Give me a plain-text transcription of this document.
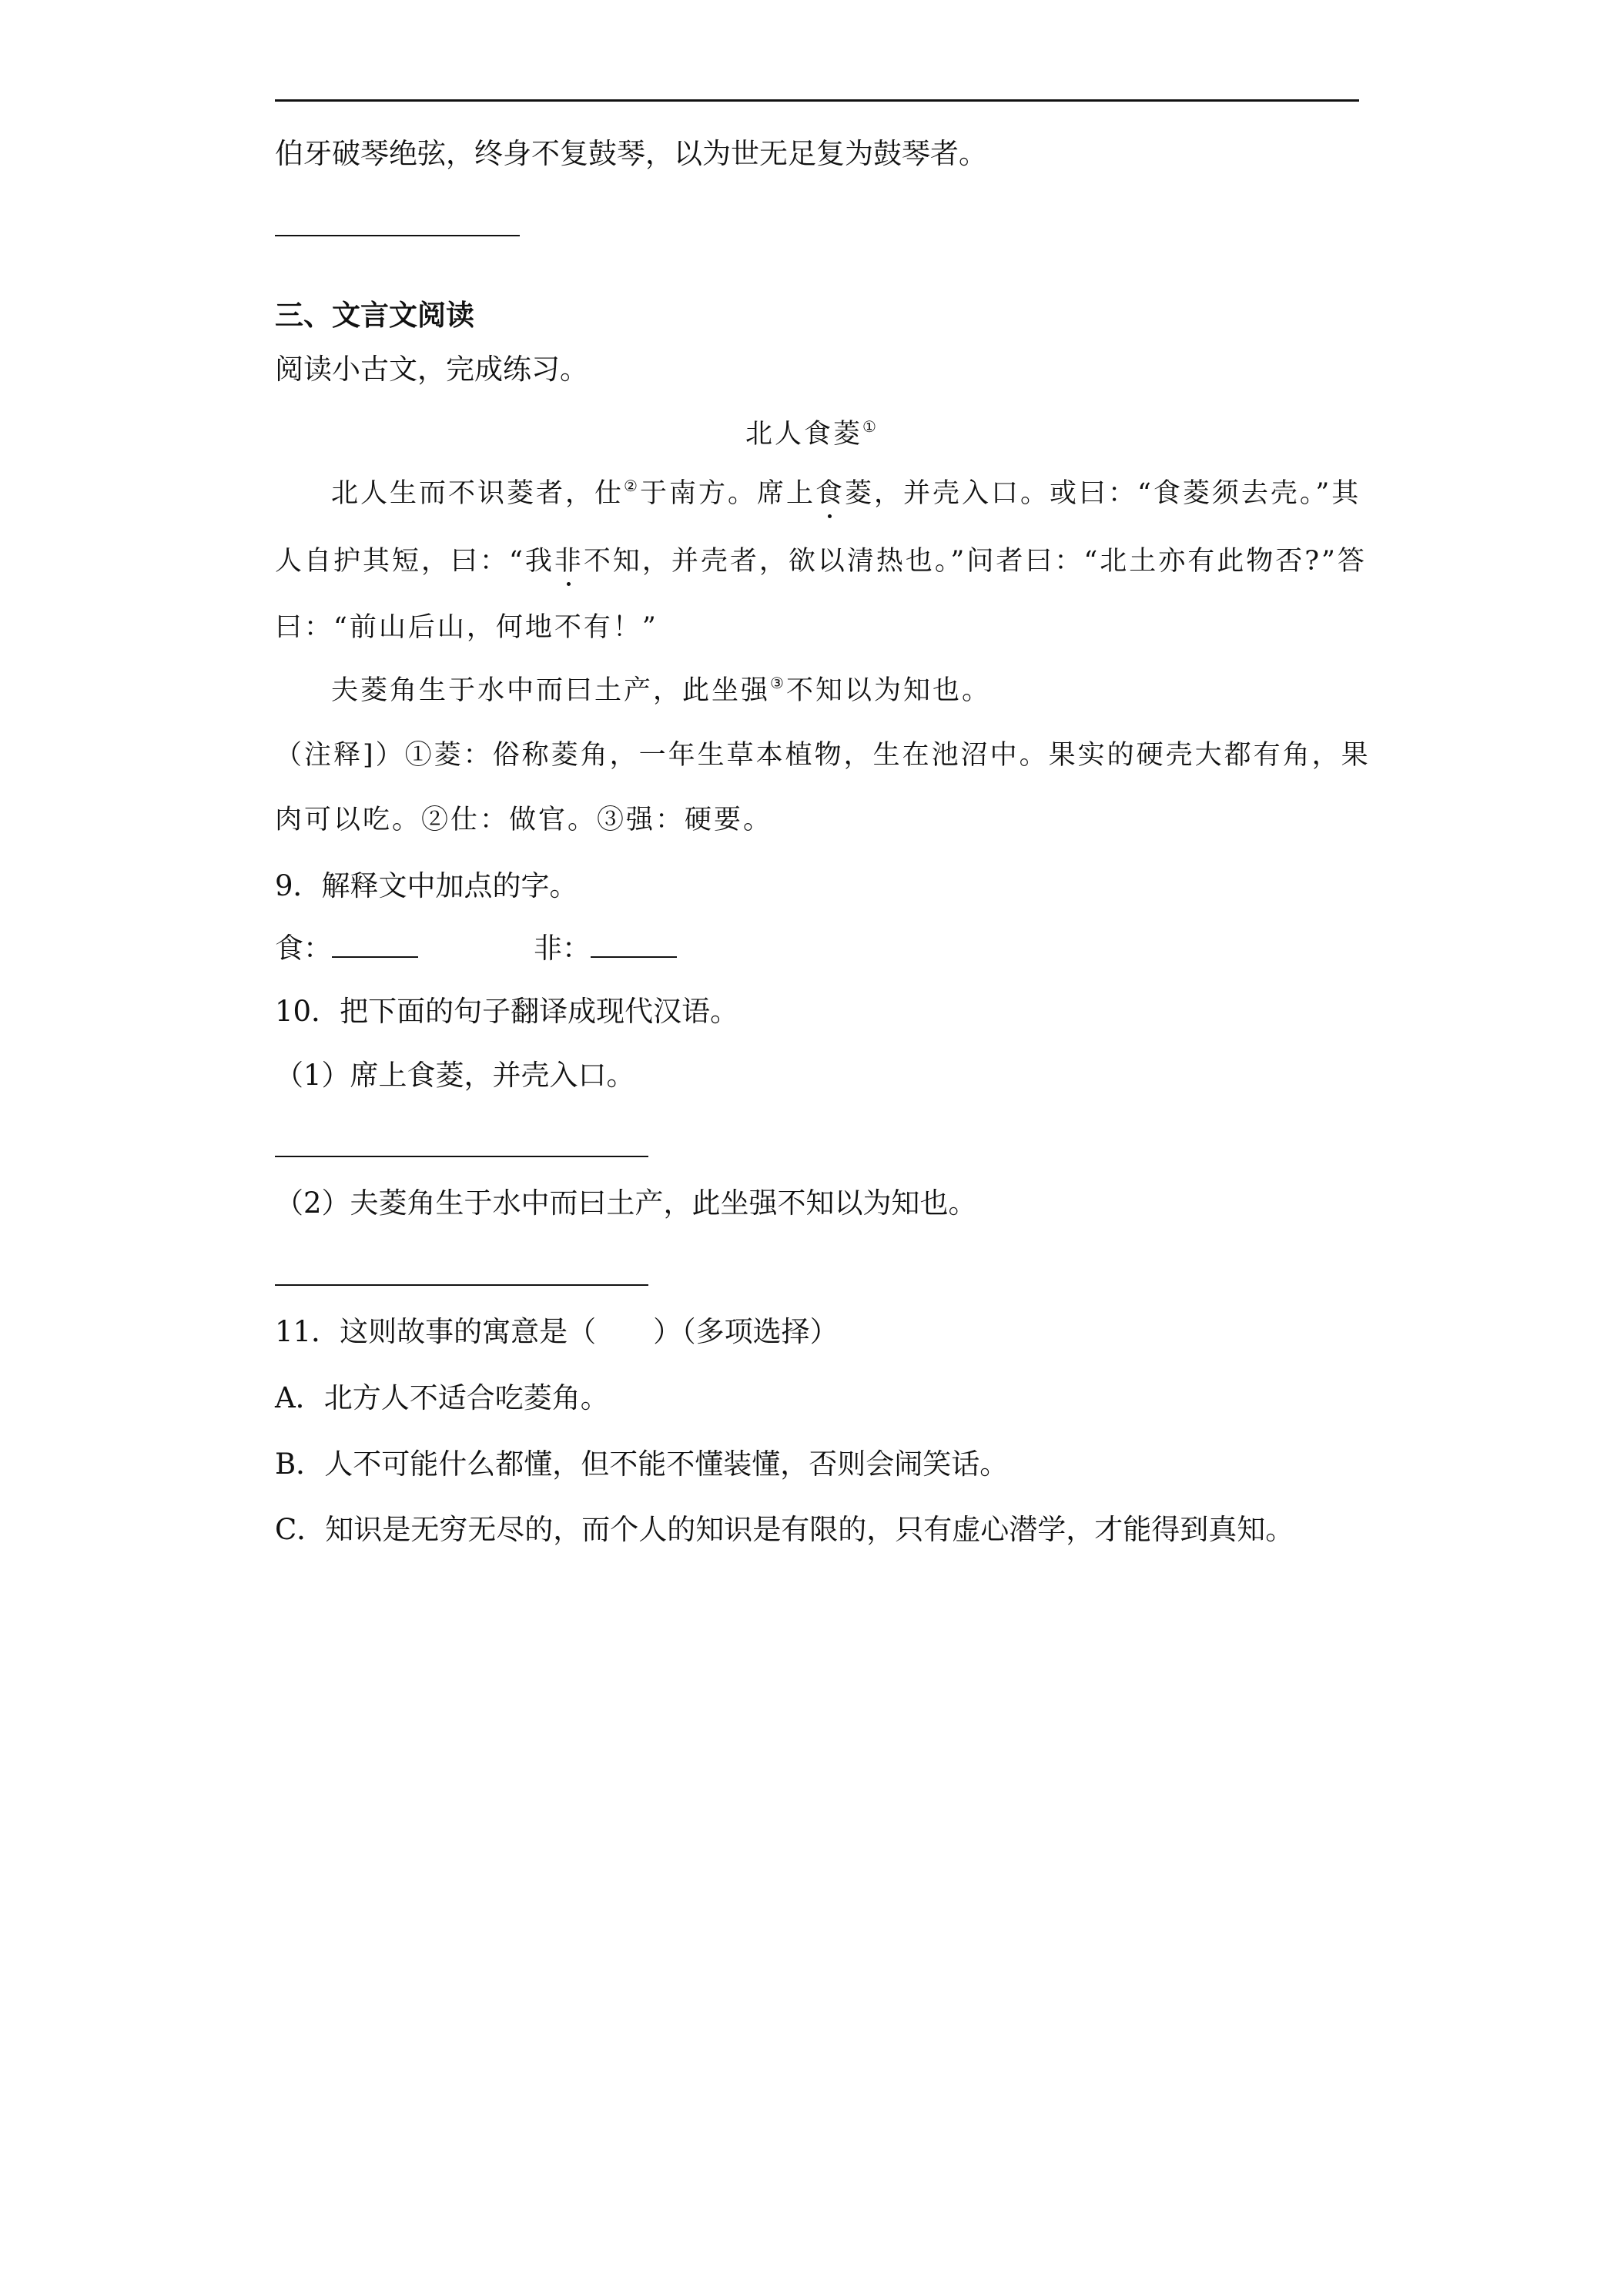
伯牙破琴绝弦，终身不复鼓琴，以为世无足复为鼓琴者。
三、文言文阅读
阅读小古文，完成练习。
北人食菱①
北人生而不识菱者，仕②于南方。席上食菱，并壳入口。或曰：“食菱须去壳。”其
人自护其短，曰：“我非不知，并壳者，欲以清热也。”问者曰：“北土亦有此物否?”答
曰：“前山后山，何地不有！”
夫菱角生于水中而曰土产，此坐强③不知以为知也。
（注释]）①菱：俗称菱角，一年生草本植物，生在池沼中。果实的硬壳大都有角，果
肉可以吃。②仕：做官。③强：硬要。
9．解释文中加点的字。
食：	非：
10．把下面的句子翻译成现代汉语。
（1）席上食菱，并壳入口。
（2）夫菱角生于水中而曰土产，此坐强不知以为知也。
11．这则故事的寓意是（　　）（多项选择）
A．北方人不适合吃菱角。
B．人不可能什么都懂，但不能不懂装懂，否则会闹笑话。
C．知识是无穷无尽的，而个人的知识是有限的，只有虚心潜学，才能得到真知。
